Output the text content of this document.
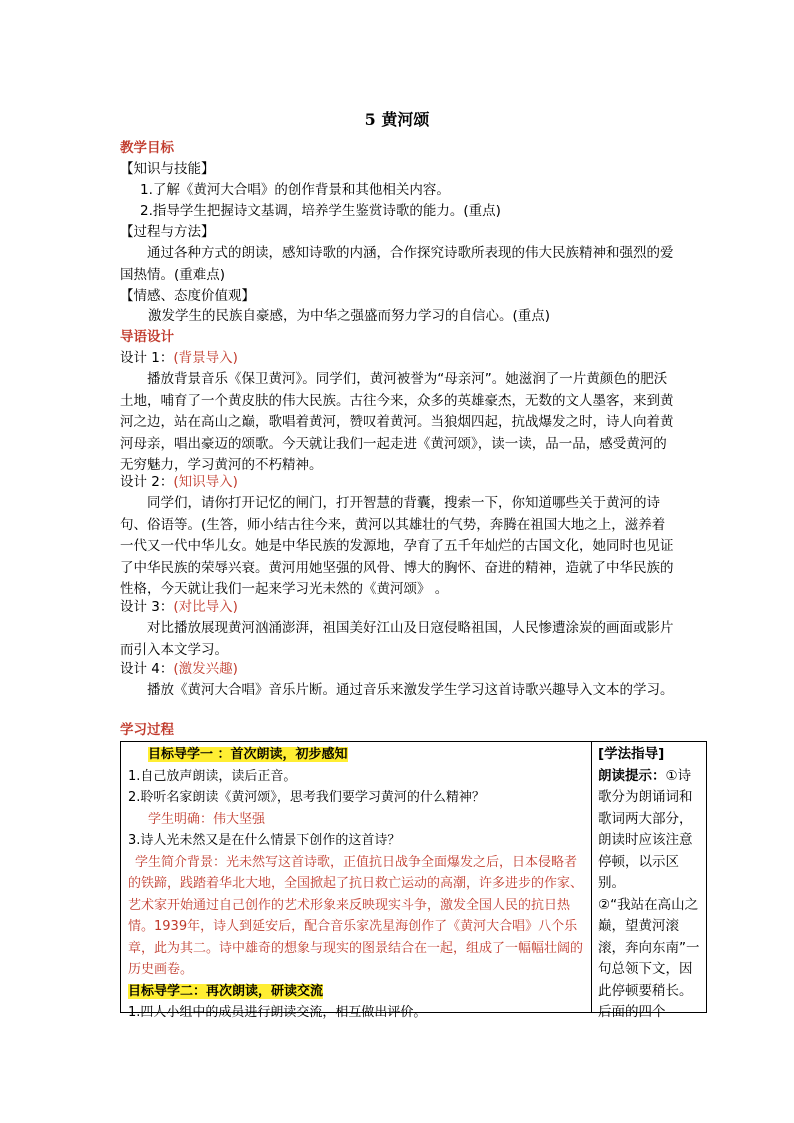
5 黄河颂
教学目标
【知识与技能】
1.了解《黄河大合唱》的创作背景和其他相关内容。
2.指导学生把握诗文基调，培养学生鉴赏诗歌的能力。(重点)
【过程与方法】
通过各种方式的朗读，感知诗歌的内涵，合作探究诗歌所表现的伟大民族精神和强烈的爱国热情。(重难点)
【情感、态度价值观】
激发学生的民族自豪感，为中华之强盛而努力学习的自信心。(重点)
导语设计
设计 1：(背景导入)
播放背景音乐《保卫黄河》。同学们，黄河被誉为“母亲河”。她滋润了一片黄颜色的肥沃土地，哺育了一个黄皮肤的伟大民族。古往今来，众多的英雄豪杰，无数的文人墨客，来到黄河之边，站在高山之巅，歌唱着黄河，赞叹着黄河。当狼烟四起，抗战爆发之时，诗人向着黄河母亲，唱出豪迈的颂歌。今天就让我们一起走进《黄河颂》，读一读，品一品，感受黄河的无穷魅力，学习黄河的不朽精神。
设计 2：(知识导入)
同学们，请你打开记忆的闸门，打开智慧的背囊，搜索一下，你知道哪些关于黄河的诗句、俗语等。(生答，师小结古往今来，黄河以其雄壮的气势，奔腾在祖国大地之上，滋养着一代又一代中华儿女。她是中华民族的发源地，孕育了五千年灿烂的古国文化，她同时也见证了中华民族的荣辱兴衰。黄河用她坚强的风骨、博大的胸怀、奋进的精神，造就了中华民族的性格，今天就让我们一起来学习光未然的《黄河颂》 。
设计 3：(对比导入)
对比播放展现黄河汹涌澎湃，祖国美好江山及日寇侵略祖国，人民惨遭涂炭的画面或影片而引入本文学习。
设计 4：(激发兴趣)
播放《黄河大合唱》音乐片断。通过音乐来激发学生学习这首诗歌兴趣导入文本的学习。
学习过程
目标导学一 ：首次朗读，初步感知
1.自己放声朗读，读后正音。
2.聆听名家朗读《黄河颂》，思考我们要学习黄河的什么精神？
学生明确：伟大坚强
3.诗人光未然又是在什么情景下创作的这首诗？
学生简介背景：光未然写这首诗歌，正值抗日战争全面爆发之后，日本侵略者的铁蹄，践踏着华北大地，全国掀起了抗日救亡运动的高潮，许多进步的作家、艺术家开始通过自己创作的艺术形象来反映现实斗争，激发全国人民的抗日热情。1939年，诗人到延安后，配合音乐家冼星海创作了《黄河大合唱》八个乐章，此为其二。诗中雄奇的想象与现实的图景结合在一起，组成了一幅幅壮阔的历史画卷。
目标导学二：再次朗读，研读交流
1.四人小组中的成员进行朗读交流，相互做出评价。

[学法指导]
朗读提示：①诗歌分为朗诵词和歌词两大部分，朗读时应该注意停顿，以示区别。
②“我站在高山之巅，望黄河滚滚，奔向东南”一句总领下文，因此停顿要稍长。后面的四个
